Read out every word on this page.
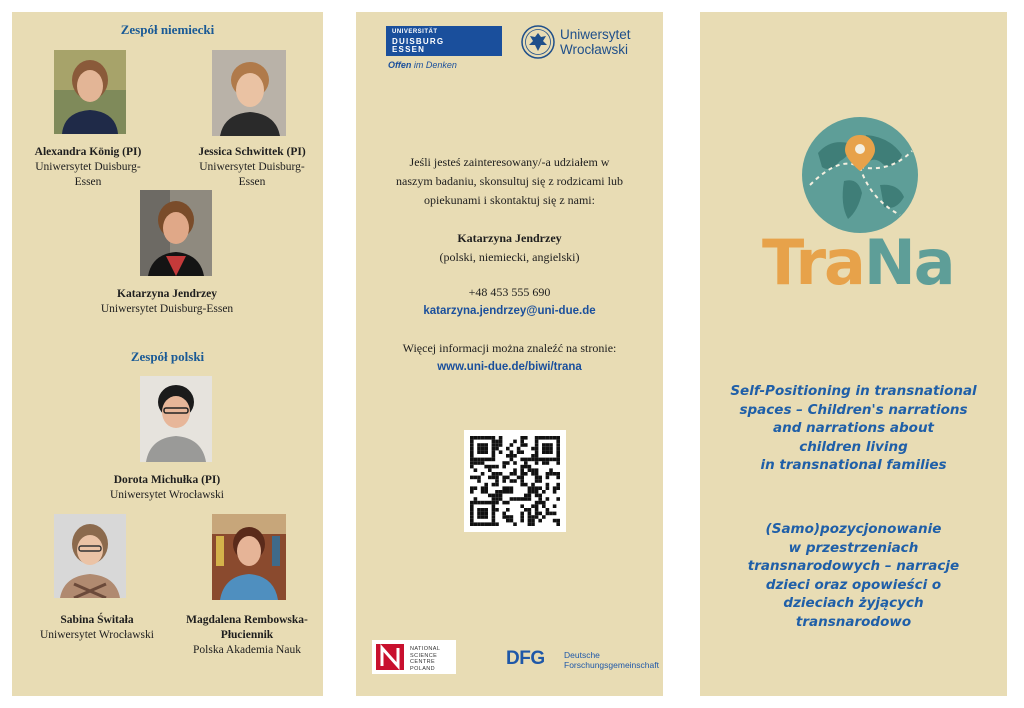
Zespół niemiecki
Alexandra König (PI)
Uniwersytet Duisburg-
Essen
Jessica Schwittek (PI)
Uniwersytet Duisburg-
Essen
Katarzyna Jendrzey
Uniwersytet Duisburg-Essen
Zespół polski
Dorota Michułka (PI)
Uniwersytet Wrocławski
Sabina Świtała
Uniwersytet Wrocławski
Magdalena Rembowska-
Płuciennik
Polska Akademia Nauk
UNIVERSITÄT
DUISBURG
ESSEN
Offen im Denken
Uniwersytet
Wrocławski
Jeśli jesteś zainteresowany/-a udziałem w
naszym badaniu, skonsultuj się z rodzicami lub
opiekunami i skontaktuj się z nami:
Katarzyna Jendrzey
(polski, niemiecki, angielski)
+48 453 555 690
katarzyna.jendrzey@uni-due.de
Więcej informacji można znaleźć na stronie:
www.uni-due.de/biwi/trana
NATIONAL
SCIENCE
CENTRE
POLAND	DFG Deutsche
Forschungsgemeinschaft
TraNa
Self-Positioning in transnational
spaces – Children's narrations
and narrations about
children living
in transnational families
(Samo)pozycjonowanie
w przestrzeniach
transnarodowych – narracje
dzieci oraz opowieści o
dzieciach żyjących
transnarodowo
